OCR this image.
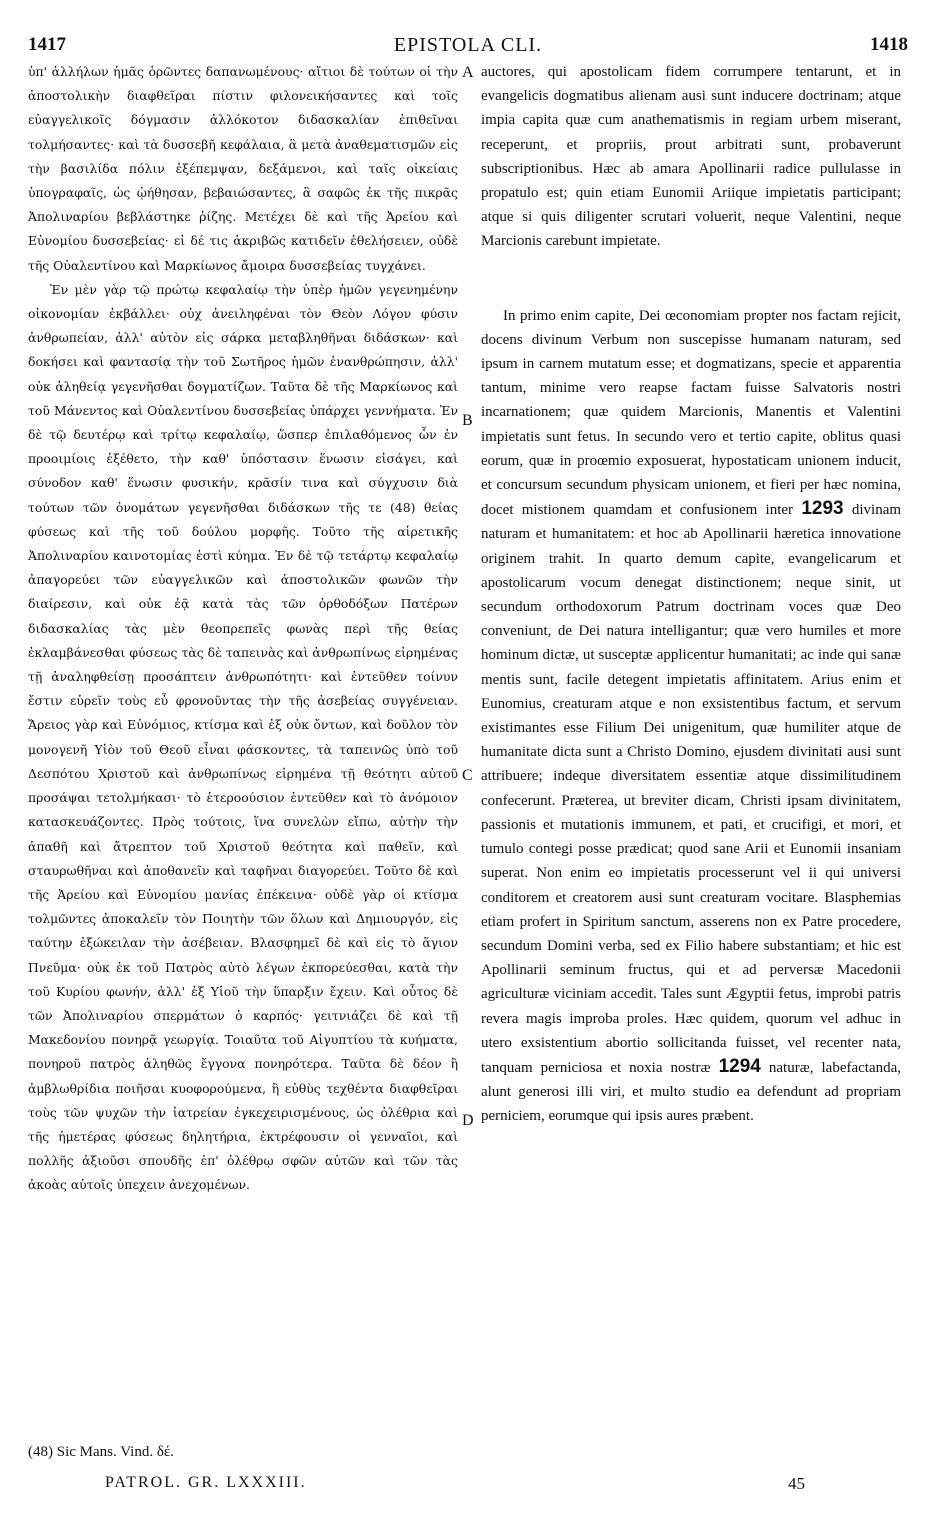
1417	EPISTOLA CLI.	1418

ὑπ' ἀλλήλων ἡμᾶς ὁρῶντες δαπανωμένους· αἴτιοι δὲ τούτων οἱ τὴν ἀποστολικὴν διαφθεῖραι πίστιν φιλονεικήσαντες καὶ τοῖς εὐαγγελικοῖς δόγμασιν ἀλλόκοτον διδασκαλίαν ἐπιθεῖναι τολμήσαντες· καὶ τὰ δυσσεβῆ κεφάλαια, ἃ μετὰ ἀναθεματισμῶν εἰς τὴν βασιλίδα πόλιν ἐξέπεμψαν, δεξάμενοι, καὶ ταῖς οἰκείαις ὑπογραφαῖς, ὡς ᾠήθησαν, βεβαιώσαντες, ἃ σαφῶς ἐκ τῆς πικρᾶς Ἀπολιναρίου βεβλάστηκε ῥίζης. Μετέχει δὲ καὶ τῆς Ἀρείου καὶ Εὐνομίου δυσσεβείας· εἰ δέ τις ἀκριβῶς κατιδεῖν ἐθελήσειεν, οὐδὲ τῆς Οὐαλεντίνου καὶ Μαρκίωνος ἄμοιρα δυσσεβείας τυγχάνει.

Ἐν μὲν γὰρ τῷ πρώτῳ κεφαλαίῳ τὴν ὑπὲρ ἡμῶν γεγενημένην οἰκονομίαν ἐκβάλλει· οὐχ ἀνειληφέναι τὸν Θεὸν Λόγον φύσιν ἀνθρωπείαν, ἀλλ' αὐτὸν εἰς σάρκα μεταβληθῆναι διδάσκων· καὶ δοκήσει καὶ φαντασίᾳ τὴν τοῦ Σωτῆρος ἡμῶν ἐνανθρώπησιν, ἀλλ' οὐκ ἀληθείᾳ γεγενῆσθαι δογματίζων. Ταῦτα δὲ τῆς Μαρκίωνος καὶ τοῦ Μάνεντος καὶ Οὐαλεντίνου δυσσεβείας ὑπάρχει γεννήματα. Ἐν δὲ τῷ δευτέρῳ καὶ τρίτῳ κεφαλαίῳ, ὥσπερ ἐπιλαθόμενος ὧν ἐν προοιμίοις ἐξέθετο, τὴν καθ' ὑπόστασιν ἕνωσιν εἰσάγει, καὶ σύνοδον καθ' ἕνωσιν φυσικήν, κρᾶσίν τινα καὶ σύγχυσιν διὰ τούτων τῶν ὀνομάτων γεγενῆσθαι διδάσκων τῆς τε (48) θείας φύσεως καὶ τῆς τοῦ δούλου μορφῆς. Τοῦτο τῆς αἱρετικῆς Ἀπολιναρίου καινοτομίας ἐστὶ κύημα. Ἐν δὲ τῷ τετάρτῳ κεφαλαίῳ ἀπαγορεύει τῶν εὐαγγελικῶν καὶ ἀποστολικῶν φωνῶν τὴν διαίρεσιν, καὶ οὐκ ἐᾷ κατὰ τὰς τῶν ὀρθοδόξων Πατέρων διδασκαλίας τὰς μὲν θεοπρεπεῖς φωνὰς περὶ τῆς θείας ἐκλαμβάνεσθαι φύσεως τὰς δὲ ταπεινὰς καὶ ἀνθρωπίνως εἰρημένας τῇ ἀναληφθείσῃ προσάπτειν ἀνθρωπότητι· καὶ ἐντεῦθεν τοίνυν ἔστιν εὑρεῖν τοὺς εὖ φρονοῦντας τὴν τῆς ἀσεβείας συγγένειαν. Ἄρειος γὰρ καὶ Εὐνόμιος, κτίσμα καὶ ἐξ οὐκ ὄντων, καὶ δοῦλον τὸν μονογενῆ Υἱὸν τοῦ Θεοῦ εἶναι φάσκοντες, τὰ ταπεινῶς ὑπὸ τοῦ Δεσπότου Χριστοῦ καὶ ἀνθρωπίνως εἰρημένα τῇ θεότητι αὐτοῦ προσάψαι τετολμήκασι· τὸ ἑτεροούσιον ἐντεῦθεν καὶ τὸ ἀνόμοιον κατασκευάζοντες. Πρὸς τούτοις, ἵνα συνελὼν εἴπω, αὐτὴν τὴν ἀπαθῆ καὶ ἄτρεπτον τοῦ Χριστοῦ θεότητα καὶ παθεῖν, καὶ σταυρωθῆναι καὶ ἀποθανεῖν καὶ ταφῆναι διαγορεύει. Τοῦτο δὲ καὶ τῆς Ἀρείου καὶ Εὐνομίου μανίας ἐπέκεινα· οὐδὲ γὰρ οἱ κτίσμα τολμῶντες ἀποκαλεῖν τὸν Ποιητὴν τῶν ὅλων καὶ Δημιουργόν, εἰς ταύτην ἐξώκειλαν τὴν ἀσέβειαν. Βλασφημεῖ δὲ καὶ εἰς τὸ ἅγιον Πνεῦμα· οὐκ ἐκ τοῦ Πατρὸς αὐτὸ λέγων ἐκπορεύεσθαι, κατὰ τὴν τοῦ Κυρίου φωνήν, ἀλλ' ἐξ Υἱοῦ τὴν ὕπαρξιν ἔχειν. Καὶ οὗτος δὲ τῶν Ἀπολιναρίου σπερμάτων ὁ καρπός· γειτνιάζει δὲ καὶ τῇ Μακεδονίου πονηρᾷ γεωργίᾳ. Τοιαῦτα τοῦ Αἰγυπτίου τὰ κυήματα, πονηροῦ πατρὸς ἀληθῶς ἔγγονα πονηρότερα. Ταῦτα δὲ δέον ἢ ἀμβλωθρίδια ποιῆσαι κυοφορούμενα, ἢ εὐθὺς τεχθέντα διαφθεῖραι τοὺς τῶν ψυχῶν τὴν ἰατρείαν ἐγκεχειρισμένους, ὡς ὀλέθρια καὶ τῆς ἡμετέρας φύσεως δηλητήρια, ἐκτρέφουσιν οἱ γενναῖοι, καὶ πολλῆς ἀξιοῦσι σπουδῆς ἐπ' ὀλέθρῳ σφῶν αὐτῶν καὶ τῶν τὰς ἀκοὰς αὐτοῖς ὑπεχειν ἀνεχομένων.

auctores, qui apostolicam fidem corrumpere tentarunt, et in evangelicis dogmatibus alienam ausi sunt inducere doctrinam; atque impia capita quæ cum anathematismis in regiam urbem miserant, receperunt, et propriis, prout arbitrati sunt, probaverunt subscriptionibus. Hæc ab amara Apollinarii radice pullulasse in propatulo est; quin etiam Eunomii Ariique impietatis participant; atque si quis diligenter scrutari voluerit, neque Valentini, neque Marcionis carebunt impietate.

In primo enim capite, Dei œconomiam propter nos factam rejicit, docens divinum Verbum non suscepisse humanam naturam, sed ipsum in carnem mutatum esse; et dogmatizans, specie et apparentia tantum, minime vero reapse factam fuisse Salvatoris nostri incarnationem; quæ quidem Marcionis, Manentis et Valentini impietatis sunt fetus. In secundo vero et tertio capite, oblitus quasi eorum, quæ in proœmio exposuerat, hypostaticam unionem inducit, et concursum secundum physicam unionem, et fieri per hæc nomina, docet mistionem quamdam et confusionem inter 1293 divinam naturam et humanitatem: et hoc ab Apollinarii hæretica innovatione originem trahit. In quarto demum capite, evangelicarum et apostolicarum vocum denegat distinctionem; neque sinit, ut secundum orthodoxorum Patrum doctrinam voces quæ Deo conveniunt, de Dei natura intelligantur; quæ vero humiles et more hominum dictæ, ut susceptæ applicentur humanitati; ac inde qui sanæ mentis sunt, facile detegent impietatis affinitatem. Arius enim et Eunomius, creaturam atque e non exsistentibus factum, et servum existimantes esse Filium Dei unigenitum, quæ humiliter atque de humanitate dicta sunt a Christo Domino, ejusdem divinitati ausi sunt attribuere; indeque diversitatem essentiæ atque dissimilitudinem confecerunt. Præterea, ut breviter dicam, Christi ipsam divinitatem, passionis et mutationis immunem, et pati, et crucifigi, et mori, et tumulo contegi posse prædicat; quod sane Arii et Eunomii insaniam superat. Non enim eo impietatis processerunt vel ii qui universi conditorem et creatorem ausi sunt creaturam vocitare. Blasphemias etiam profert in Spiritum sanctum, asserens non ex Patre procedere, secundum Domini verba, sed ex Filio habere substantiam; et hic est Apollinarii seminum fructus, qui et ad perversæ Macedonii agriculturæ viciniam accedit. Tales sunt Ægyptii fetus, improbi patris revera magis improba proles. Hæc quidem, quorum vel adhuc in utero exsistentium abortio sollicitanda fuisset, vel recenter nata, tanquam perniciosa et noxia nostræ 1294 naturæ, labefactanda, alunt generosi illi viri, et multo studio ea defendunt ad propriam perniciem, eorumque qui ipsis aures præbent.

A
B
C
D
(48) Sic Mans. Vind. δέ.
PATROL. GR. LXXXIII.	45
